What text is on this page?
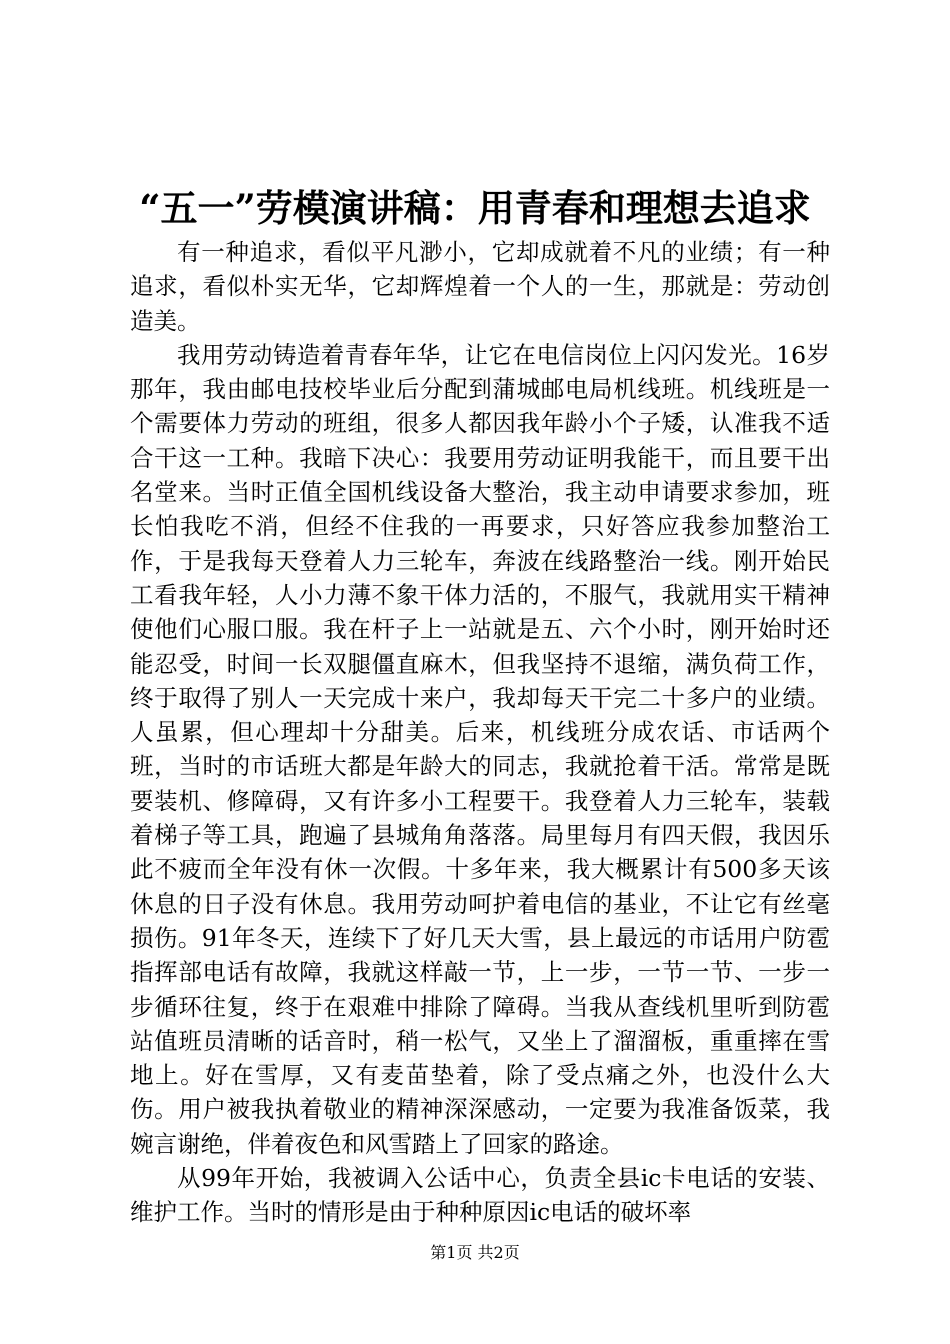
“五一”劳模演讲稿：用青春和理想去追求

有一种追求，看似平凡渺小，它却成就着不凡的业绩；有一种追求，看似朴实无华，它却辉煌着一个人的一生，那就是：劳动创造美。

我用劳动铸造着青春年华，让它在电信岗位上闪闪发光。16岁那年，我由邮电技校毕业后分配到蒲城邮电局机线班。机线班是一个需要体力劳动的班组，很多人都因我年龄小个子矮，认准我不适合干这一工种。我暗下决心：我要用劳动证明我能干，而且要干出名堂来。当时正值全国机线设备大整治，我主动申请要求参加，班长怕我吃不消，但经不住我的一再要求，只好答应我参加整治工作，于是我每天登着人力三轮车，奔波在线路整治一线。刚开始民工看我年轻，人小力薄不象干体力活的，不服气，我就用实干精神使他们心服口服。我在杆子上一站就是五、六个小时，刚开始时还能忍受，时间一长双腿僵直麻木，但我坚持不退缩，满负荷工作，终于取得了别人一天完成十来户，我却每天干完二十多户的业绩。人虽累，但心理却十分甜美。后来，机线班分成农话、市话两个班，当时的市话班大都是年龄大的同志，我就抢着干活。常常是既要装机、修障碍，又有许多小工程要干。我登着人力三轮车，装载着梯子等工具，跑遍了县城角角落落。局里每月有四天假，我因乐此不疲而全年没有休一次假。十多年来，我大概累计有500多天该休息的日子没有休息。我用劳动呵护着电信的基业，不让它有丝毫损伤。91年冬天，连续下了好几天大雪，县上最远的市话用户防雹指挥部电话有故障，我就这样敲一节，上一步，一节一节、一步一步循环往复，终于在艰难中排除了障碍。当我从查线机里听到防雹站值班员清晰的话音时，稍一松气，又坐上了溜溜板，重重摔在雪地上。好在雪厚，又有麦苗垫着，除了受点痛之外，也没什么大伤。用户被我执着敬业的精神深深感动，一定要为我准备饭菜，我婉言谢绝，伴着夜色和风雪踏上了回家的路途。

从99年开始，我被调入公话中心，负责全县ic卡电话的安装、维护工作。当时的情形是由于种种原因ic电话的破坏率

第1页 共2页
